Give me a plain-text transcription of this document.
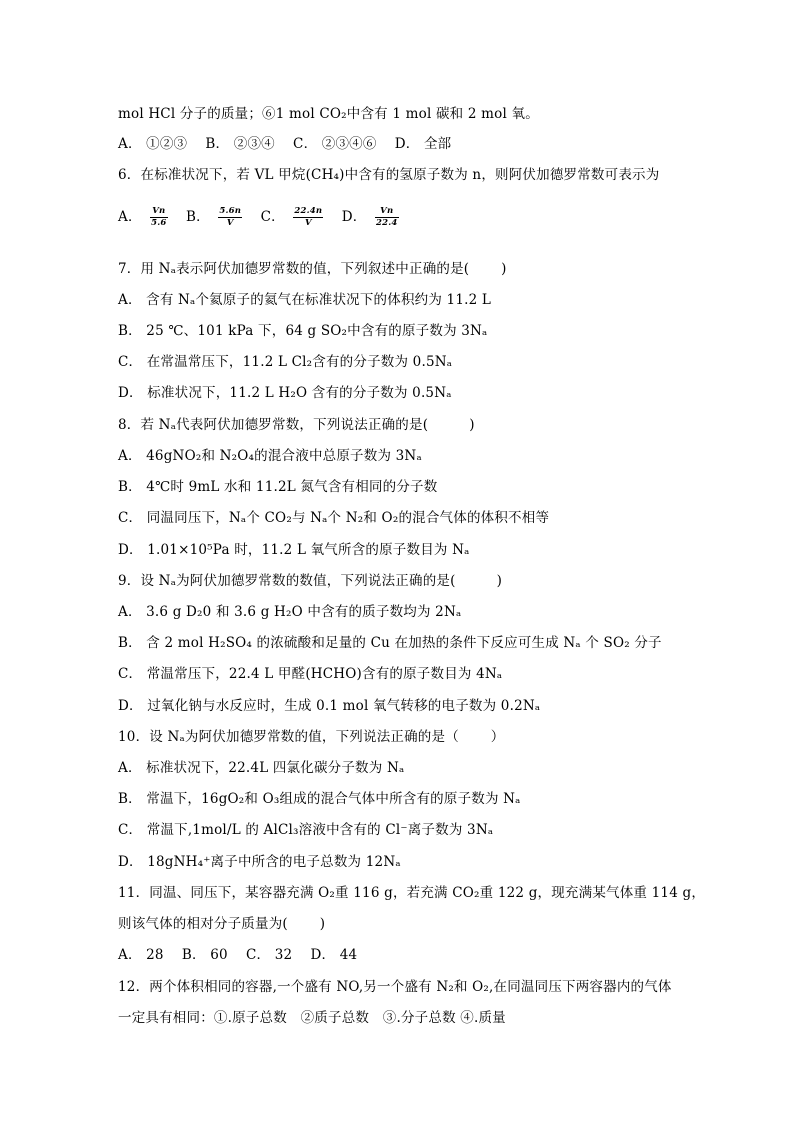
mol HCl 分子的质量；⑥1 mol CO₂中含有 1 mol 碳和 2 mol 氧。
A． ①②③　 B． ②③④　 C． ②③④⑥　 D． 全部
6．在标准状况下，若 VL 甲烷(CH₄)中含有的氢原子数为 n，则阿伏加德罗常数可表示为
A． $\frac{Vn}{5.6}$ B． $\frac{5.6n}{V}$ C． $\frac{22.4n}{V}$ D． $\frac{Vn}{22.4}$
7．用 Nₐ表示阿伏加德罗常数的值，下列叙述中正确的是(　　 )
A． 含有 Nₐ个氦原子的氦气在标准状况下的体积约为 11.2 L
B． 25 ℃、101 kPa 下，64 g SO₂中含有的原子数为 3Nₐ
C． 在常温常压下，11.2 L Cl₂含有的分子数为 0.5Nₐ
D． 标准状况下，11.2 L H₂O 含有的分子数为 0.5Nₐ
8．若 Nₐ代表阿伏加德罗常数，下列说法正确的是(　　　)
A． 46gNO₂和 N₂O₄的混合液中总原子数为 3Nₐ
B． 4℃时 9mL 水和 11.2L 氮气含有相同的分子数
C． 同温同压下，Nₐ个 CO₂与 Nₐ个 N₂和 O₂的混合气体的体积不相等
D． 1.01×10⁵Pa 时，11.2 L 氧气所含的原子数目为 Nₐ
9．设 Nₐ为阿伏加德罗常数的数值，下列说法正确的是(　　　)
A． 3.6 g D₂0 和 3.6 g H₂O 中含有的质子数均为 2Nₐ
B． 含 2 mol H₂SO₄ 的浓硫酸和足量的 Cu 在加热的条件下反应可生成 Nₐ 个 SO₂ 分子
C． 常温常压下，22.4 L 甲醛(HCHO)含有的原子数目为 4Nₐ
D． 过氧化钠与水反应时，生成 0.1 mol 氧气转移的电子数为 0.2Nₐ
10．设 Nₐ为阿伏加德罗常数的值，下列说法正确的是（　　 ）
A． 标准状况下，22.4L 四氯化碳分子数为 Nₐ
B． 常温下，16gO₂和 O₃组成的混合气体中所含有的原子数为 Nₐ
C． 常温下,1mol/L 的 AlCl₃溶液中含有的 Cl⁻离子数为 3Nₐ
D． 18gNH₄⁺离子中所含的电子总数为 12Nₐ
11．同温、同压下，某容器充满 O₂重 116 g，若充满 CO₂重 122 g，现充满某气体重 114 g，
则该气体的相对分子质量为(　　 )
A． 28　 B． 60　 C． 32　 D． 44
12．两个体积相同的容器,一个盛有 NO,另一个盛有 N₂和 O₂,在同温同压下两容器内的气体
一定具有相同：①.原子总数　②质子总数　③.分子总数 ④.质量
